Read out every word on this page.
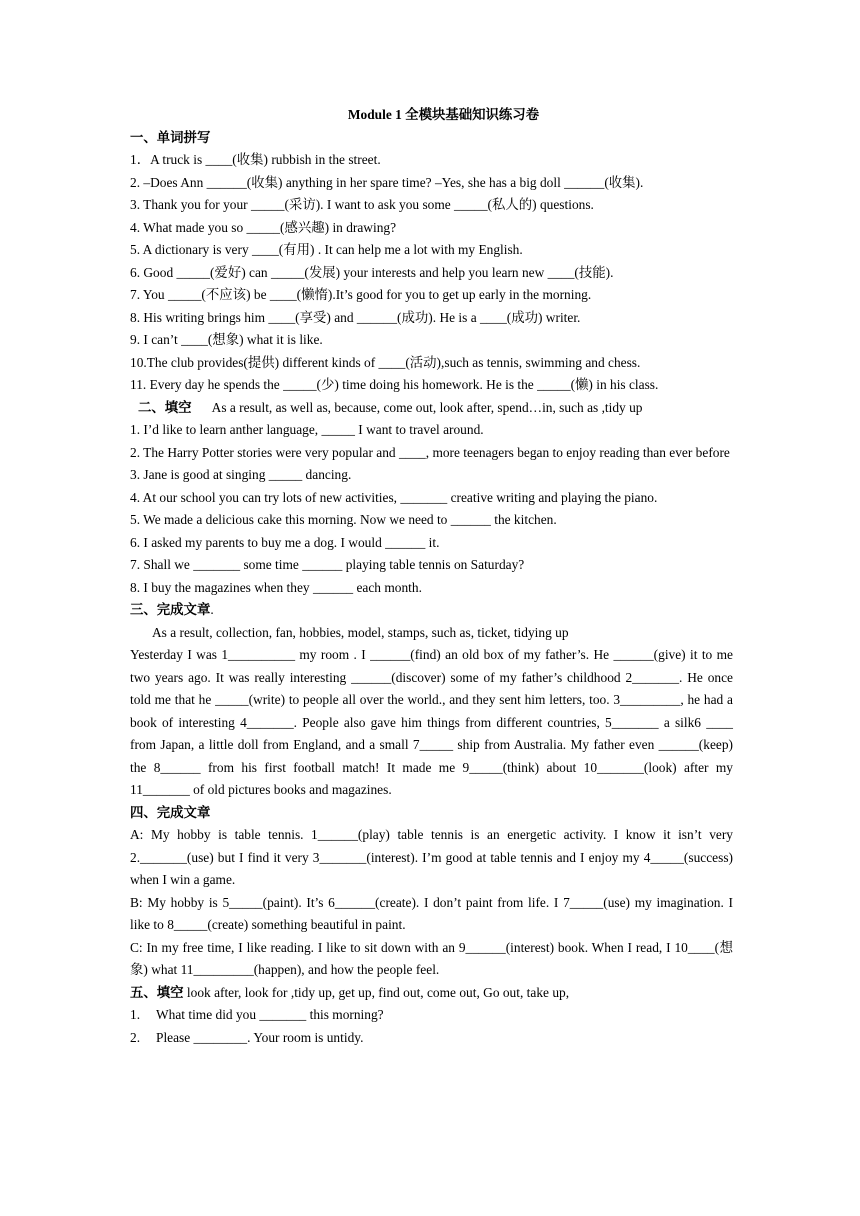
Module 1 全模块基础知识练习卷

一、单词拼写

1．A truck is ____(收集) rubbish in the street.

2. –Does Ann ______(收集) anything in her spare time? –Yes, she has a big doll ______(收集).

3. Thank you for your _____(采访). I want to ask you some _____(私人的) questions.

4. What made you so _____(感兴趣) in drawing?

5. A dictionary is very ____(有用) . It can help me a lot with my English.

6. Good _____(爱好) can _____(发展) your interests and help you learn new ____(技能).

7. You _____(不应该) be ____(懒惰).It’s good for you to get up early in the morning.

8. His writing brings him ____(享受) and ______(成功). He is a ____(成功) writer.

9. I can’t ____(想象) what it is like.

10.The club provides(提供) different kinds of ____(活动),such as tennis, swimming and chess.

11. Every day he spends the _____(少) time doing his homework. He is the _____(懒) in his class.

二、填空 As a result, as well as, because, come out, look after, spend…in, such as ,tidy up

1. I’d like to learn anther language, _____ I want to travel around.

2. The Harry Potter stories were very popular and ____, more teenagers began to enjoy reading than ever before

3. Jane is good at singing _____ dancing.

4. At our school you can try lots of new activities, _______ creative writing and playing the piano.

5. We made a delicious cake this morning. Now we need to ______ the kitchen.

6. I asked my parents to buy me a dog. I would ______ it.

7. Shall we _______ some time ______ playing table tennis on Saturday?

8. I buy the magazines when they ______ each month.

三、完成文章.

As a result, collection, fan, hobbies, model, stamps, such as, ticket, tidying up

Yesterday I was 1__________ my room . I ______(find) an old box of my father’s. He ______(give) it to me two years ago. It was really interesting ______(discover) some of my father’s childhood 2_______. He once told me that he _____(write) to people all over the world., and they sent him letters, too. 3_________, he had a book of interesting 4_______. People also gave him things from different countries, 5_______ a silk6 ____ from Japan, a little doll from England, and a small 7_____ ship from Australia. My father even ______(keep) the 8______ from his first football match! It made me 9_____(think) about 10_______(look) after my 11_______ of old pictures books and magazines.

四、完成文章

A: My hobby is table tennis. 1______(play) table tennis is an energetic activity. I know it isn’t very 2._______(use) but I find it very 3_______(interest). I’m good at table tennis and I enjoy my 4_____(success) when I win a game.

B: My hobby is 5_____(paint). It’s 6______(create). I don’t paint from life. I 7_____(use) my imagination. I like to 8_____(create) something beautiful in paint.

C: In my free time, I like reading. I like to sit down with an 9______(interest) book. When I read, I 10____(想象) what 11_________(happen), and how the people feel.

五、填空 look after, look for ,tidy up, get up, find out, come out, Go out, take up,

1. What time did you _______ this morning?

2. Please ________. Your room is untidy.
